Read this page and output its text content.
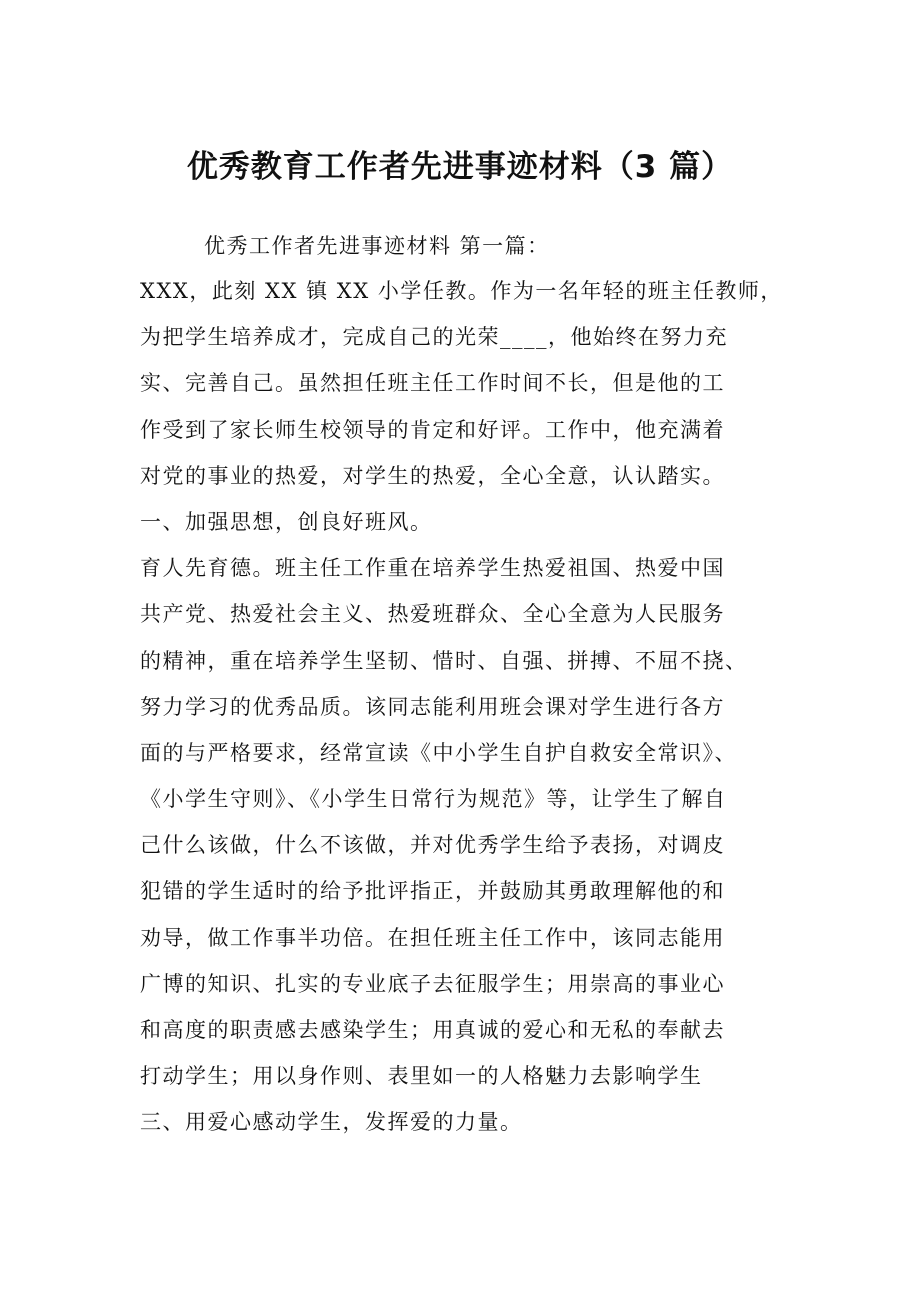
优秀教育工作者先进事迹材料（3 篇）
优秀工作者先进事迹材料 第一篇：
XXX，此刻 XX 镇 XX 小学任教。作为一名年轻的班主任教师，
为把学生培养成才，完成自己的光荣____，他始终在努力充
实、完善自己。虽然担任班主任工作时间不长，但是他的工
作受到了家长师生校领导的肯定和好评。工作中，他充满着
对党的事业的热爱，对学生的热爱，全心全意，认认踏实。
一、加强思想，创良好班风。
育人先育德。班主任工作重在培养学生热爱祖国、热爱中国
共产党、热爱社会主义、热爱班群众、全心全意为人民服务
的精神，重在培养学生坚韧、惜时、自强、拼搏、不屈不挠、
努力学习的优秀品质。该同志能利用班会课对学生进行各方
面的与严格要求，经常宣读《中小学生自护自救安全常识》、
《小学生守则》、《小学生日常行为规范》等，让学生了解自
己什么该做，什么不该做，并对优秀学生给予表扬，对调皮
犯错的学生适时的给予批评指正，并鼓励其勇敢理解他的和
劝导，做工作事半功倍。在担任班主任工作中，该同志能用
广博的知识、扎实的专业底子去征服学生；用崇高的事业心
和高度的职责感去感染学生；用真诚的爱心和无私的奉献去
打动学生；用以身作则、表里如一的人格魅力去影响学生
三、用爱心感动学生，发挥爱的力量。
